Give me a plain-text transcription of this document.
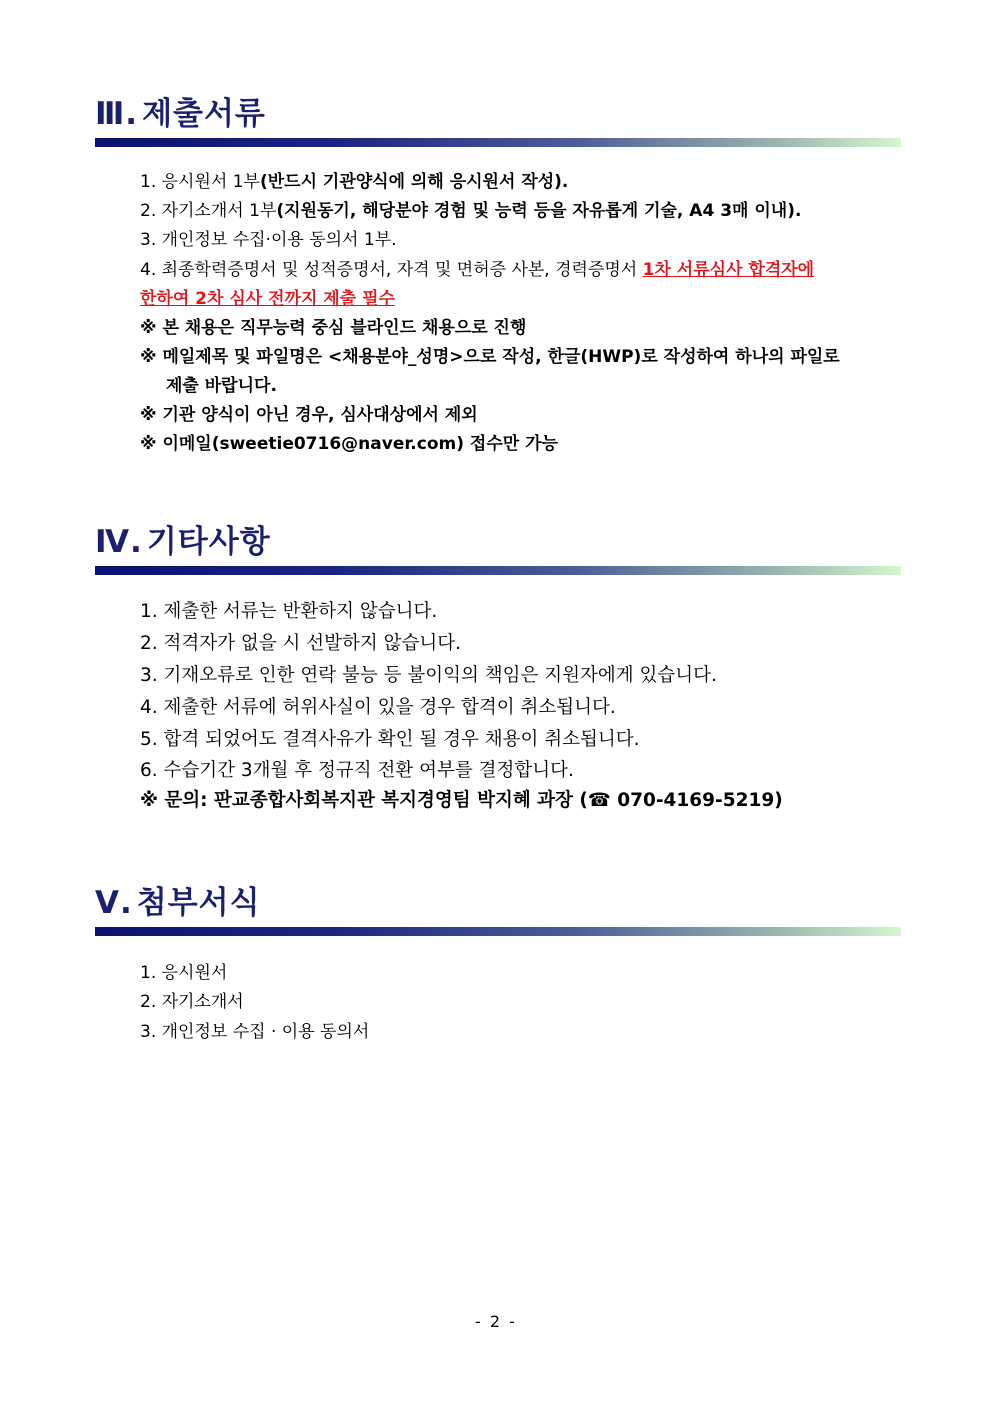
Ⅲ. 제출서류
1. 응시원서 1부(반드시 기관양식에 의해 응시원서 작성).
2. 자기소개서 1부(지원동기, 해당분야 경험 및 능력 등을 자유롭게 기술, A4 3매 이내).
3. 개인정보 수집·이용 동의서 1부.
4. 최종학력증명서 및 성적증명서, 자격 및 면허증 사본, 경력증명서 1차 서류심사 합격자에
한하여 2차 심사 전까지 제출 필수
※ 본 채용은 직무능력 중심 블라인드 채용으로 진행
※ 메일제목 및 파일명은 <채용분야_성명>으로 작성, 한글(HWP)로 작성하여 하나의 파일로
제출 바랍니다.
※ 기관 양식이 아닌 경우, 심사대상에서 제외
※ 이메일(sweetie0716@naver.com) 접수만 가능
Ⅳ. 기타사항
1. 제출한 서류는 반환하지 않습니다.
2. 적격자가 없을 시 선발하지 않습니다.
3. 기재오류로 인한 연락 불능 등 불이익의 책임은 지원자에게 있습니다.
4. 제출한 서류에 허위사실이 있을 경우 합격이 취소됩니다.
5. 합격 되었어도 결격사유가 확인 될 경우 채용이 취소됩니다.
6. 수습기간 3개월 후 정규직 전환 여부를 결정합니다.
※ 문의: 판교종합사회복지관 복지경영팀 박지혜 과장 (☎ 070-4169-5219)
Ⅴ. 첨부서식
1. 응시원서
2. 자기소개서
3. 개인정보 수집 · 이용 동의서
- 2 -
